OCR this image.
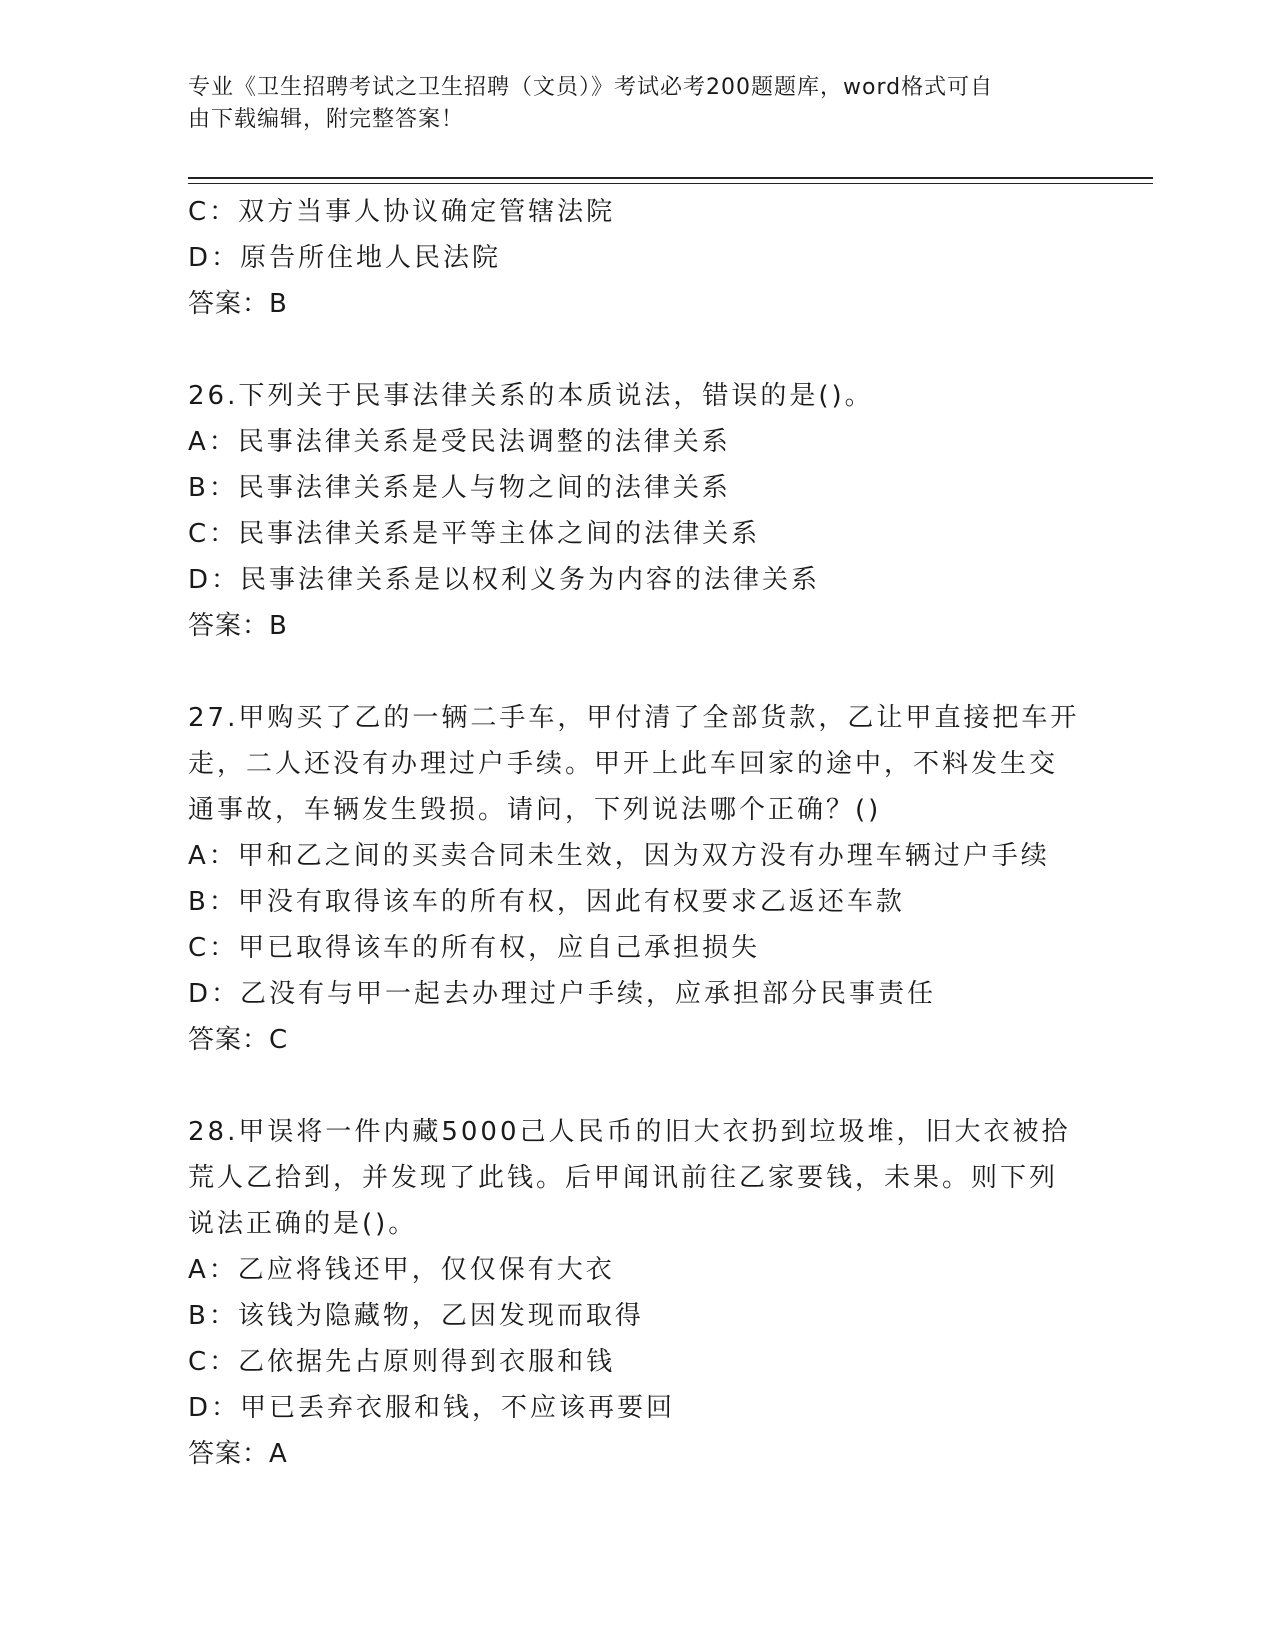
专业《卫生招聘考试之卫生招聘（文员）》考试必考200题题库，word格式可自
由下载编辑，附完整答案！
C：双方当事人协议确定管辖法院
D：原告所住地人民法院
答案：B
26.下列关于民事法律关系的本质说法，错误的是()。
A：民事法律关系是受民法调整的法律关系
B：民事法律关系是人与物之间的法律关系
C：民事法律关系是平等主体之间的法律关系
D：民事法律关系是以权利义务为内容的法律关系
答案：B
27.甲购买了乙的一辆二手车，甲付清了全部货款，乙让甲直接把车开
走，二人还没有办理过户手续。甲开上此车回家的途中，不料发生交
通事故，车辆发生毁损。请问，下列说法哪个正确？()
A：甲和乙之间的买卖合同未生效，因为双方没有办理车辆过户手续
B：甲没有取得该车的所有权，因此有权要求乙返还车款
C：甲已取得该车的所有权，应自己承担损失
D：乙没有与甲一起去办理过户手续，应承担部分民事责任
答案：C
28.甲误将一件内藏5000己人民币的旧大衣扔到垃圾堆，旧大衣被拾
荒人乙拾到，并发现了此钱。后甲闻讯前往乙家要钱，未果。则下列
说法正确的是()。
A：乙应将钱还甲，仅仅保有大衣
B：该钱为隐藏物，乙因发现而取得
C：乙依据先占原则得到衣服和钱
D：甲已丢弃衣服和钱，不应该再要回
答案：A
